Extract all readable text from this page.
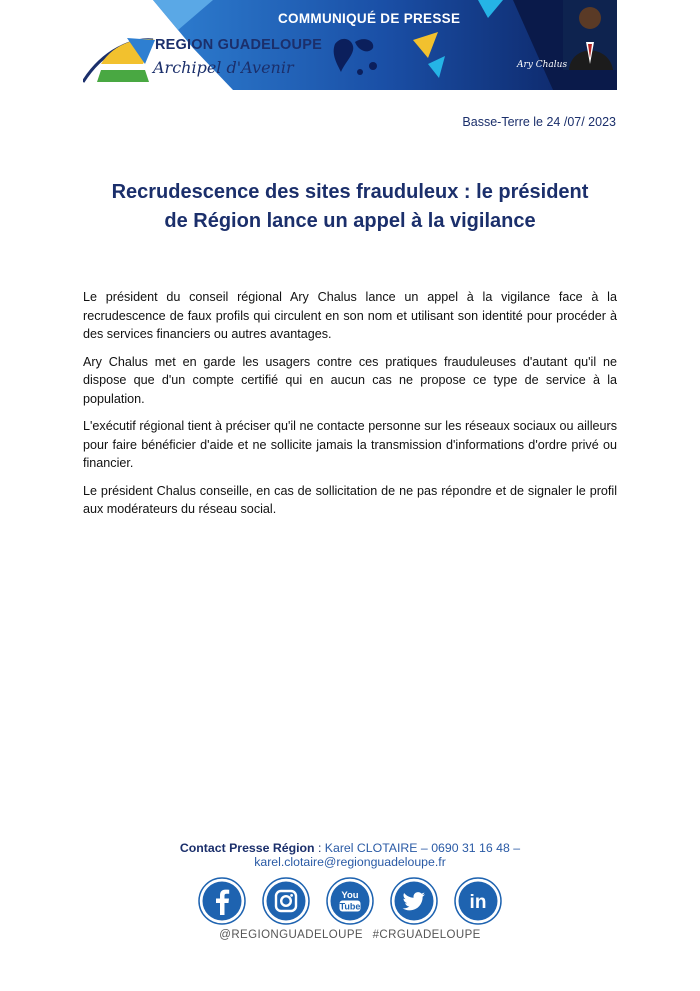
COMMUNIQUÉ DE PRESSE
REGION GUADELOUPE
Archipel d'Avenir	Ary Chalus
Basse-Terre le 24 /07/ 2023
Recrudescence des sites frauduleux : le président
de Région lance un appel à la vigilance

Le président du conseil régional Ary Chalus lance un appel à la vigilance face à la recrudescence de faux profils qui circulent en son nom et utilisant son identité pour procéder à des services financiers ou autres avantages.

Ary Chalus met en garde les usagers contre ces pratiques frauduleuses d'autant qu'il ne dispose que d'un compte certifié qui en aucun cas ne propose ce type de service à la population.

L'exécutif régional tient à préciser qu'il ne contacte personne sur les réseaux sociaux ou ailleurs pour faire bénéficier d'aide et ne sollicite jamais la transmission d'informations d'ordre privé ou financier.

Le président Chalus conseille, en cas de sollicitation de ne pas répondre et de signaler le profil aux modérateurs du réseau social.

Contact Presse Région : Karel CLOTAIRE – 0690 31 16 48 – karel.clotaire@regionguadeloupe.fr
You
Tube	in
@REGIONGUADELOUPE #CRGUADELOUPE
